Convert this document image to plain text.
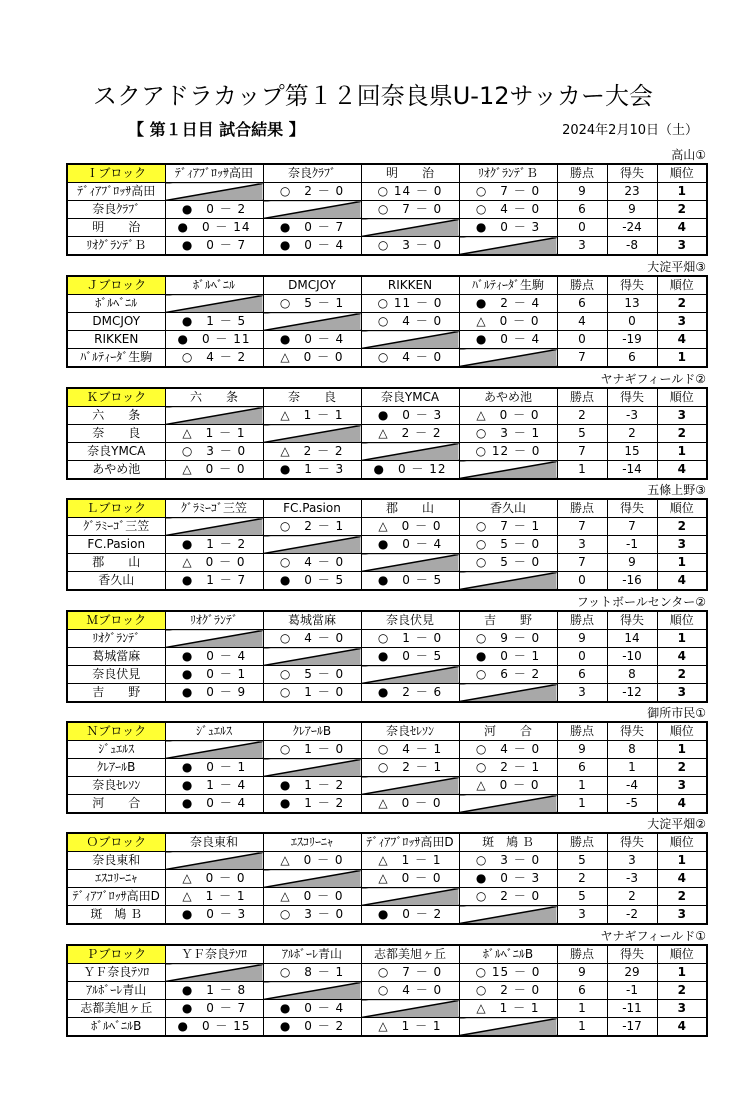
スクアドラカップ第１２回奈良県U-12サッカー大会
【 第１日目 試合結果 】	2024年2月10日（土）
高山①
Ｉブロック	ﾃﾞｨｱﾌﾞﾛｯｻ高田	奈良ｸﾗﾌﾞ	明　　治	ﾘｵｸﾞﾗﾝﾃﾞＢ	勝点	得失	順位
ﾃﾞｨｱﾌﾞﾛｯｻ高田		○　2 － 0	○ 14 － 0	○　7 － 0	9	23	1
奈良ｸﾗﾌﾞ	●　0 － 2		○　7 － 0	○　4 － 0	6	9	2
明　　治	●　0 － 14	●　0 － 7		●　0 － 3	0	-24	4
ﾘｵｸﾞﾗﾝﾃﾞＢ	●　0 － 7	●　0 － 4	○　3 － 0		3	-8	3
大淀平畑③
Ｊブロック	ﾎﾞﾙﾍﾞﾆﾙ	DMCJOY	RIKKEN	ﾊﾞﾙﾃｨｰﾀﾞ生駒	勝点	得失	順位
ﾎﾞﾙﾍﾞﾆﾙ		○　5 － 1	○ 11 － 0	●　2 － 4	6	13	2
DMCJOY	●　1 － 5		○　4 － 0	△　0 － 0	4	0	3
RIKKEN	●　0 － 11	●　0 － 4		●　0 － 4	0	-19	4
ﾊﾞﾙﾃｨｰﾀﾞ生駒	○　4 － 2	△　0 － 0	○　4 － 0		7	6	1
ヤナギフィールド②
Ｋブロック	六　　条	奈　　良	奈良YMCA	あやめ池	勝点	得失	順位
六　　条		△　1 － 1	●　0 － 3	△　0 － 0	2	-3	3
奈　　良	△　1 － 1		△　2 － 2	○　3 － 1	5	2	2
奈良YMCA	○　3 － 0	△　2 － 2		○ 12 － 0	7	15	1
あやめ池	△　0 － 0	●　1 － 3	●　0 － 12		1	-14	4
五條上野③
Ｌブロック	ｸﾞﾗﾐｰｺﾞ三笠	FC.Pasion	郡　　山	香久山	勝点	得失	順位
ｸﾞﾗﾐｰｺﾞ三笠		○　2 － 1	△　0 － 0	○　7 － 1	7	7	2
FC.Pasion	●　1 － 2		●　0 － 4	○　5 － 0	3	-1	3
郡　　山	△　0 － 0	○　4 － 0		○　5 － 0	7	9	1
香久山	●　1 － 7	●　0 － 5	●　0 － 5		0	-16	4
フットボールセンター②
Ｍブロック	ﾘｵｸﾞﾗﾝﾃﾞ	葛城當麻	奈良伏見	吉　　野	勝点	得失	順位
ﾘｵｸﾞﾗﾝﾃﾞ		○　4 － 0	○　1 － 0	○　9 － 0	9	14	1
葛城當麻	●　0 － 4		●　0 － 5	●　0 － 1	0	-10	4
奈良伏見	●　0 － 1	○　5 － 0		○　6 － 2	6	8	2
吉　　野	●　0 － 9	○　1 － 0	●　2 － 6		3	-12	3
御所市民①
Ｎブロック	ｼﾞｭｴﾙｽ	ｸﾚｱｰﾙB	奈良ｾﾚｿﾝ	河　　合	勝点	得失	順位
ｼﾞｭｴﾙｽ		○　1 － 0	○　4 － 1	○　4 － 0	9	8	1
ｸﾚｱｰﾙB	●　0 － 1		○　2 － 1	○　2 － 1	6	1	2
奈良ｾﾚｿﾝ	●　1 － 4	●　1 － 2		△　0 － 0	1	-4	3
河　　合	●　0 － 4	●　1 － 2	△　0 － 0		1	-5	4
大淀平畑②
Ｏブロック	奈良東和	ｴｽｺﾘｰﾆｬ	ﾃﾞｨｱﾌﾞﾛｯｻ高田D	斑　鳩 Ｂ	勝点	得失	順位
奈良東和		△　0 － 0	△　1 － 1	○　3 － 0	5	3	1
ｴｽｺﾘｰﾆｬ	△　0 － 0		△　0 － 0	●　0 － 3	2	-3	4
ﾃﾞｨｱﾌﾞﾛｯｻ高田D	△　1 － 1	△　0 － 0		○　2 － 0	5	2	2
斑　鳩 Ｂ	●　0 － 3	○　3 － 0	●　0 － 2		3	-2	3
ヤナギフィールド①
Ｐブロック	ＹＦ奈良ﾃｿﾛ	ｱﾙﾎﾞｰﾚ青山	志都美旭ヶ丘	ﾎﾞﾙﾍﾞﾆﾙB	勝点	得失	順位
ＹＦ奈良ﾃｿﾛ		○　8 － 1	○　7 － 0	○ 15 － 0	9	29	1
ｱﾙﾎﾞｰﾚ青山	●　1 － 8		○　4 － 0	○　2 － 0	6	-1	2
志都美旭ヶ丘	●　0 － 7	●　0 － 4		△　1 － 1	1	-11	3
ﾎﾞﾙﾍﾞﾆﾙB	●　0 － 15	●　0 － 2	△　1 － 1		1	-17	4
